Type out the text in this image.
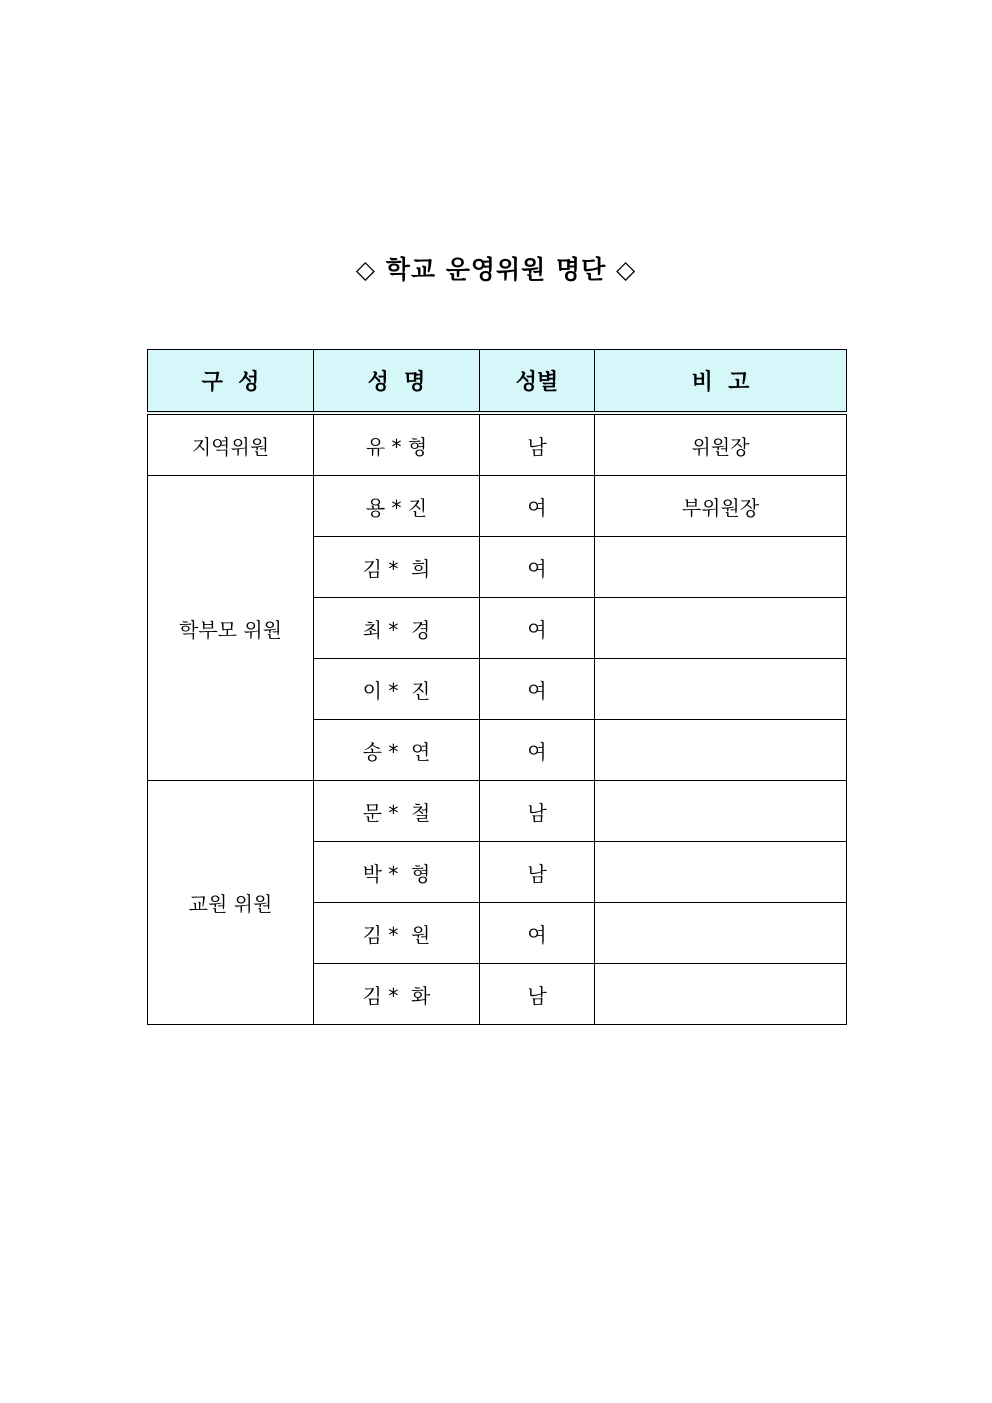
◇ 학교 운영위원 명단 ◇
구  성	성  명	성별	비  고
지역위원	유 * 형	남	위원장
학부모 위원	용 * 진	여	부위원장
	김 *  희	여	
	최 *  경	여	
	이 *  진	여	
	송 *  연	여	
교원 위원	문 *  철	남	
	박 *  형	남	
	김 *  원	여	
	김 *  화	남	
